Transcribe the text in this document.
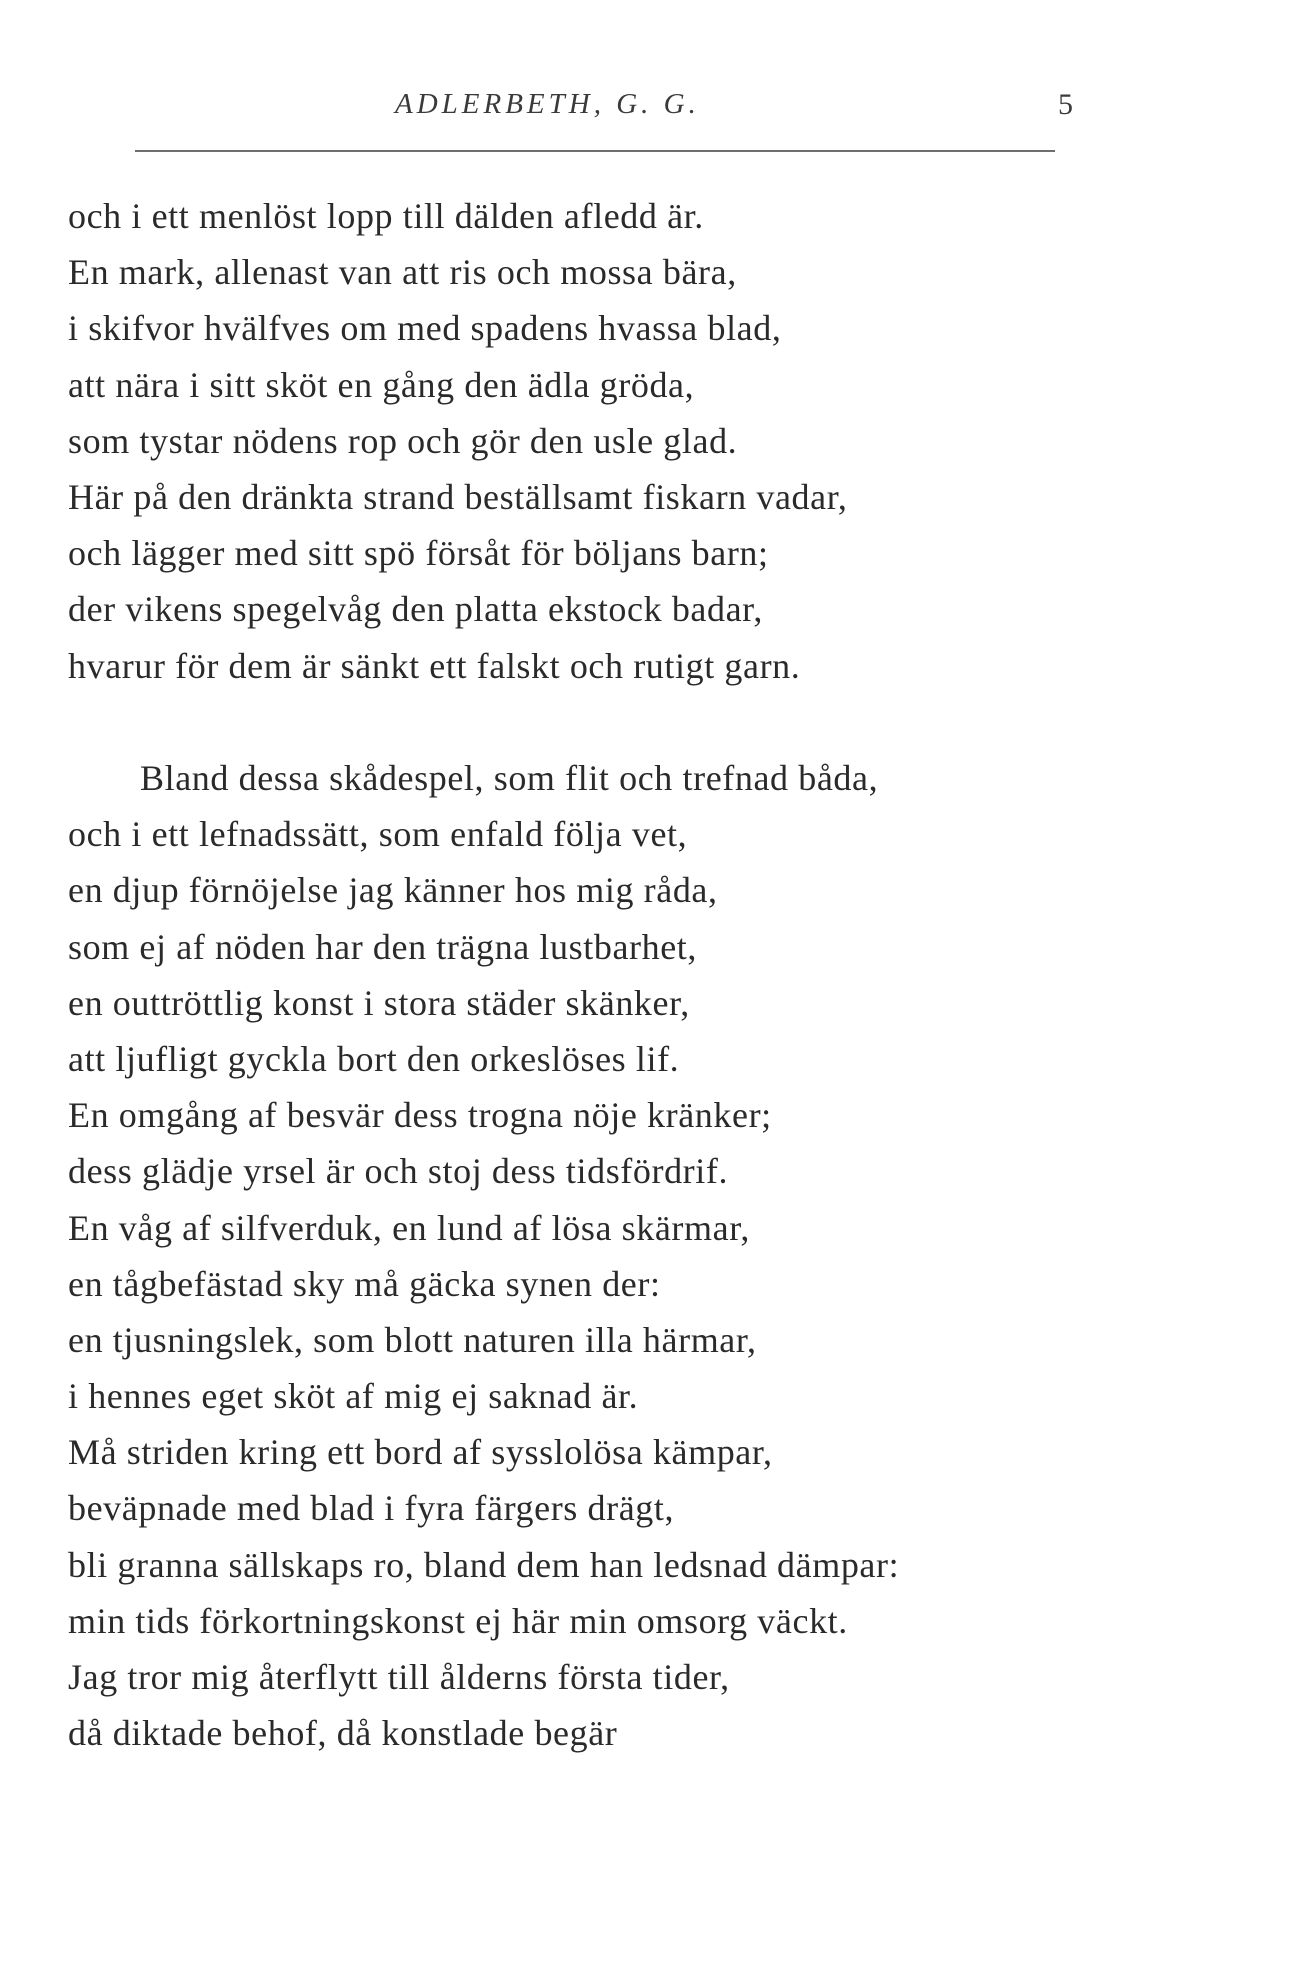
ADLERBETH, G. G.	5
och i ett menlöst lopp till dälden afledd är.
En mark, allenast van att ris och mossa bära,
i skifvor hvälfves om med spadens hvassa blad,
att nära i sitt sköt en gång den ädla gröda,
som tystar nödens rop och gör den usle glad.
Här på den dränkta strand beställsamt fiskarn vadar,
och lägger med sitt spö försåt för böljans barn;
der vikens spegelvåg den platta ekstock badar,
hvarur för dem är sänkt ett falskt och rutigt garn.
Bland dessa skådespel, som flit och trefnad båda,
och i ett lefnadssätt, som enfald följa vet,
en djup förnöjelse jag känner hos mig råda,
som ej af nöden har den trägna lustbarhet,
en outtröttlig konst i stora städer skänker,
att ljufligt gyckla bort den orkeslöses lif.
En omgång af besvär dess trogna nöje kränker;
dess glädje yrsel är och stoj dess tidsfördrif.
En våg af silfverduk, en lund af lösa skärmar,
en tågbefästad sky må gäcka synen der:
en tjusningslek, som blott naturen illa härmar,
i hennes eget sköt af mig ej saknad är.
Må striden kring ett bord af sysslolösa kämpar,
beväpnade med blad i fyra färgers drägt,
bli granna sällskaps ro, bland dem han ledsnad dämpar:
min tids förkortningskonst ej här min omsorg väckt.
Jag tror mig återflytt till ålderns första tider,
då diktade behof, då konstlade begär
